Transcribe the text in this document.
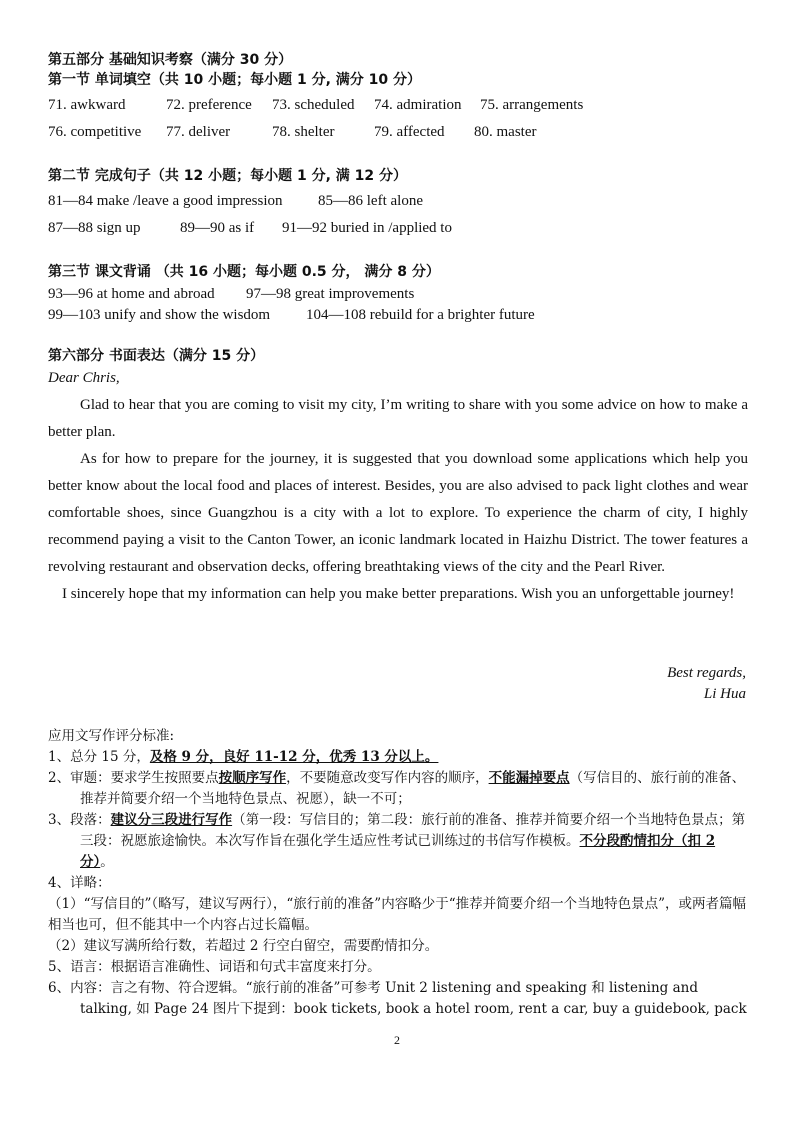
第五部分 基础知识考察（满分 30 分）
第一节 单词填空（共 10 小题；每小题 1 分, 满分 10 分）
71. awkward	72. preference 73. scheduled 74. admiration 75. arrangements
76. competitive 77. deliver	78. shelter	79. affected 80. master
第二节 完成句子（共 12 小题；每小题 1 分, 满 12 分）
81—84 make /leave a good impression 85—86 left alone
87—88 sign up	89—90 as if 91—92 buried in /applied to
第三节 课文背诵 （共 16 小题；每小题 0.5 分， 满分 8 分）
93—96 at home and abroad 97—98 great improvements
99—103 unify and show the wisdom 104—108 rebuild for a brighter future
第六部分 书面表达（满分 15 分）

Dear Chris,

Glad to hear that you are coming to visit my city, I’m writing to share with you some advice on how to make a better plan.

As for how to prepare for the journey, it is suggested that you download some applications which help you better know about the local food and places of interest. Besides, you are also advised to pack light clothes and wear comfortable shoes, since Guangzhou is a city with a lot to explore. To experience the charm of city, I highly recommend paying a visit to the Canton Tower, an iconic landmark located in Haizhu District. The tower features a revolving restaurant and observation decks, offering breathtaking views of the city and the Pearl River.

I sincerely hope that my information can help you make better preparations. Wish you an unforgettable journey!

Best regards,
Li Hua

应用文写作评分标准:

1、总分 15 分，及格 9 分，良好 11-12 分，优秀 13 分以上。

2、审题：要求学生按照要点按顺序写作，不要随意改变写作内容的顺序，不能漏掉要点（写信目的、旅行前的准备、推荐并简要介绍一个当地特色景点、祝愿），缺一不可；

3、段落：建议分三段进行写作（第一段：写信目的；第二段：旅行前的准备、推荐并简要介绍一个当地特色景点；第三段：祝愿旅途愉快。本次写作旨在强化学生适应性考试已训练过的书信写作模板。不分段酌情扣分（扣 2 分）。

4、详略：

（1）“写信目的”（略写，建议写两行），“旅行前的准备”内容略少于“推荐并简要介绍一个当地特色景点”，或两者篇幅相当也可，但不能其中一个内容占过长篇幅。

（2）建议写满所给行数，若超过 2 行空白留空，需要酌情扣分。

5、语言：根据语言准确性、词语和句式丰富度来打分。

6、内容：言之有物、符合逻辑。“旅行前的准备”可参考 Unit 2 listening and speaking 和 listening and talking, 如 Page 24 图片下提到：book tickets, book a hotel room, rent a car, buy a guidebook, pack

2
